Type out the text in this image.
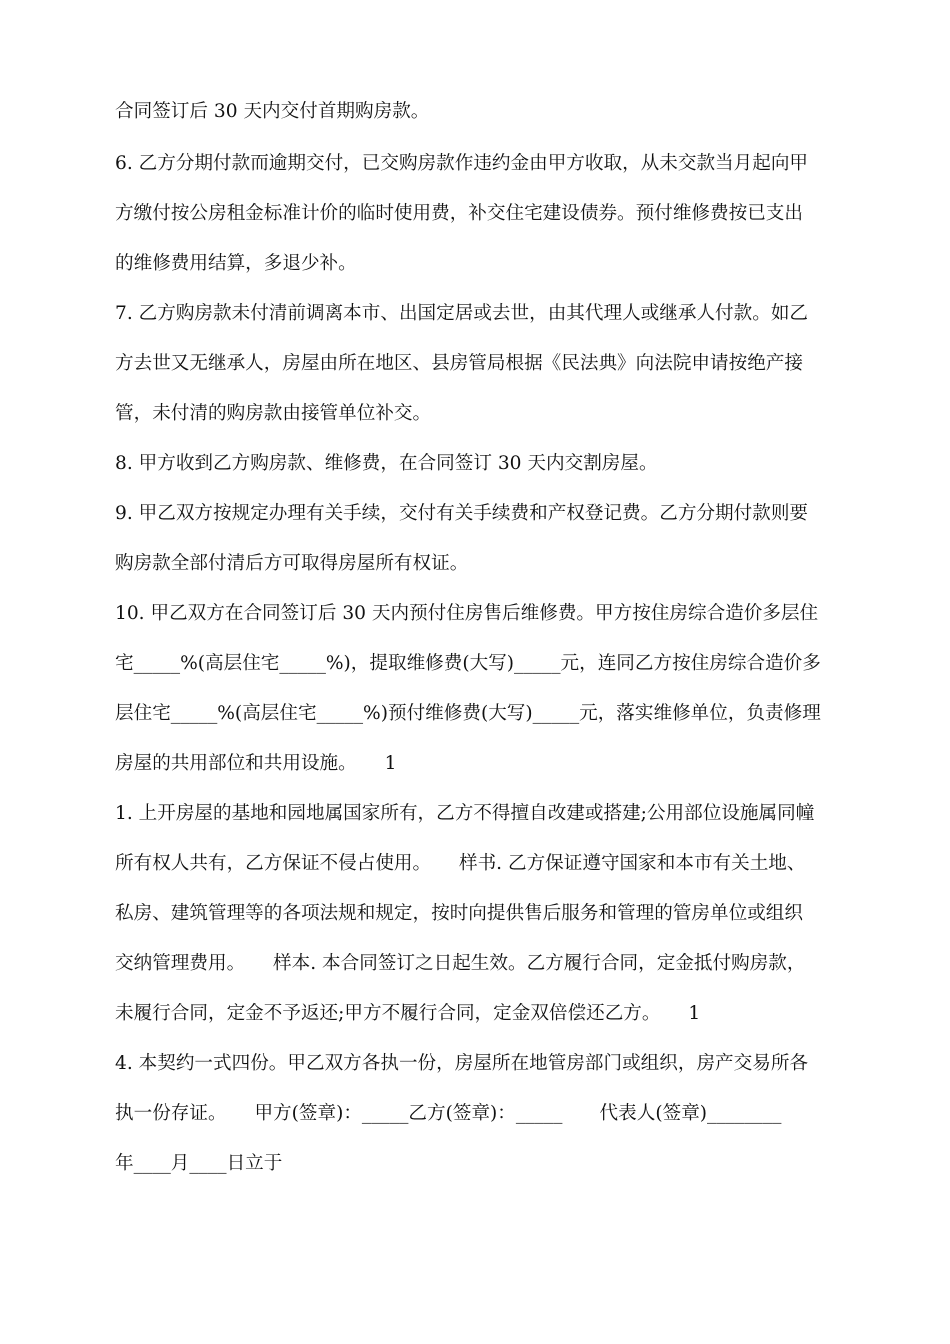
合同签订后 30 天内交付首期购房款。
6. 乙方分期付款而逾期交付，已交购房款作违约金由甲方收取，从未交款当月起向甲
方缴付按公房租金标准计价的临时使用费，补交住宅建设债券。预付维修费按已支出
的维修费用结算，多退少补。
7. 乙方购房款未付清前调离本市、出国定居或去世，由其代理人或继承人付款。如乙
方去世又无继承人，房屋由所在地区、县房管局根据《民法典》向法院申请按绝产接
管，未付清的购房款由接管单位补交。
8. 甲方收到乙方购房款、维修费，在合同签订 30 天内交割房屋。
9. 甲乙双方按规定办理有关手续，交付有关手续费和产权登记费。乙方分期付款则要
购房款全部付清后方可取得房屋所有权证。
10. 甲乙双方在合同签订后 30 天内预付住房售后维修费。甲方按住房综合造价多层住
宅_____%(高层住宅_____%)，提取维修费(大写)_____元，连同乙方按住房综合造价多
层住宅_____%(高层住宅_____%)预付维修费(大写)_____元，落实维修单位，负责修理
房屋的共用部位和共用设施。　　1
1. 上开房屋的基地和园地属国家所有，乙方不得擅自改建或搭建;公用部位设施属同幢
所有权人共有，乙方保证不侵占使用。　　样书. 乙方保证遵守国家和本市有关土地、
私房、建筑管理等的各项法规和规定，按时向提供售后服务和管理的管房单位或组织
交纳管理费用。　　样本. 本合同签订之日起生效。乙方履行合同，定金抵付购房款，
未履行合同，定金不予返还;甲方不履行合同，定金双倍偿还乙方。　　1
4. 本契约一式四份。甲乙双方各执一份，房屋所在地管房部门或组织，房产交易所各
执一份存证。　　甲方(签章)：_____乙方(签章)：_____　　代表人(签章)________
年____月____日立于
